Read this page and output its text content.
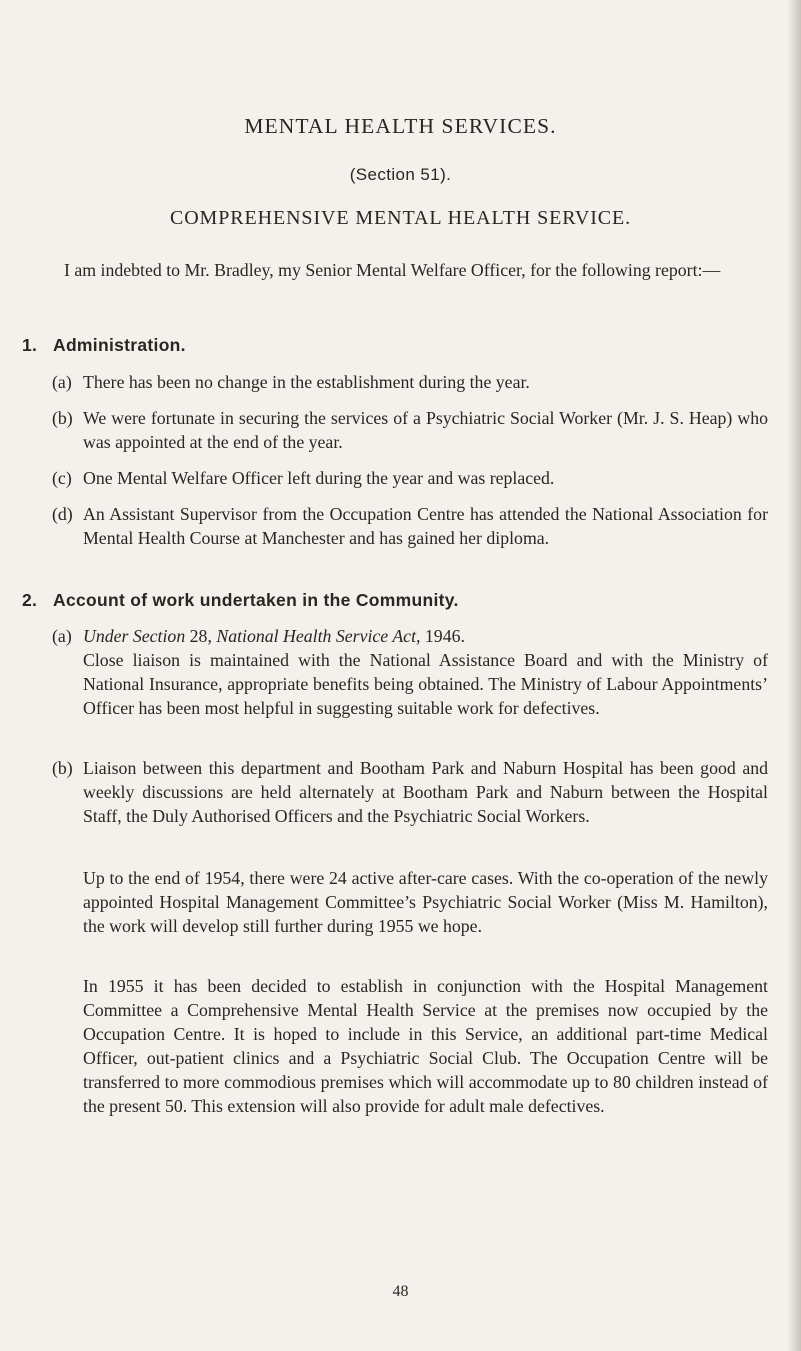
MENTAL HEALTH SERVICES.
(Section 51).
COMPREHENSIVE MENTAL HEALTH SERVICE.
I am indebted to Mr. Bradley, my Senior Mental Welfare Officer, for the following report:—
1. Administration.
(a) There has been no change in the establishment during the year.
(b) We were fortunate in securing the services of a Psychiatric Social Worker (Mr. J. S. Heap) who was appointed at the end of the year.
(c) One Mental Welfare Officer left during the year and was replaced.
(d) An Assistant Supervisor from the Occupation Centre has attended the National Association for Mental Health Course at Manchester and has gained her diploma.
2. Account of work undertaken in the Community.
(a) Under Section 28, National Health Service Act, 1946.
Close liaison is maintained with the National Assistance Board and with the Ministry of National Insurance, appropriate benefits being obtained. The Ministry of Labour Appointments’ Officer has been most helpful in suggesting suitable work for defectives.
(b) Liaison between this department and Bootham Park and Naburn Hospital has been good and weekly discussions are held alternately at Bootham Park and Naburn between the Hospital Staff, the Duly Authorised Officers and the Psychiatric Social Workers.
Up to the end of 1954, there were 24 active after-care cases. With the co-operation of the newly appointed Hospital Management Committee’s Psychiatric Social Worker (Miss M. Hamilton), the work will develop still further during 1955 we hope.
In 1955 it has been decided to establish in conjunction with the Hospital Management Committee a Comprehensive Mental Health Service at the premises now occupied by the Occupation Centre. It is hoped to include in this Service, an additional part-time Medical Officer, out-patient clinics and a Psychiatric Social Club. The Occupation Centre will be transferred to more commodious premises which will accommodate up to 80 children instead of the present 50. This extension will also provide for adult male defectives.
48
